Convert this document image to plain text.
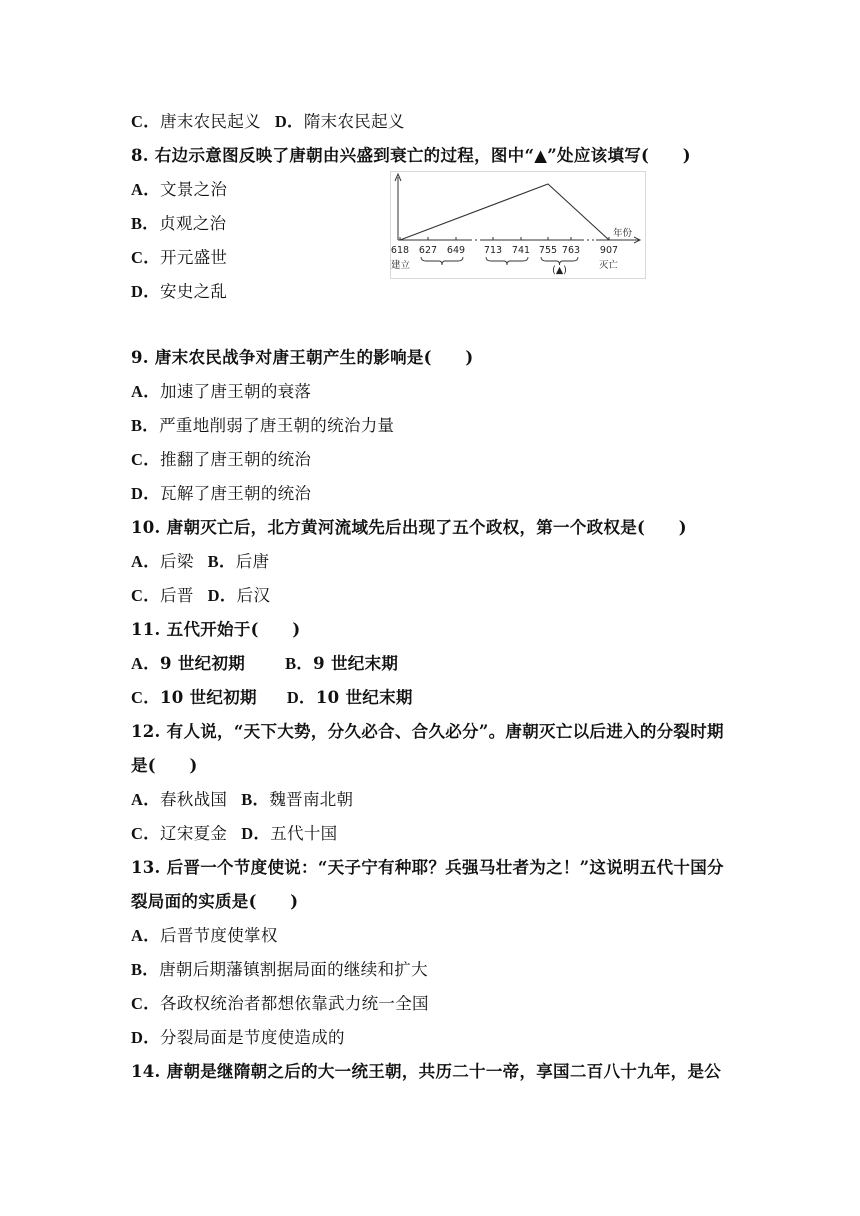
C．唐末农民起义 D．隋末农民起义
8. 右边示意图反映了唐朝由兴盛到衰亡的过程，图中“▲”处应该填写(　　)
A．文景之治
B．贞观之治
C．开元盛世
D．安史之乱
618 627 649 713 741 755 763 907
年份
建立	灭亡
(▲)
9. 唐末农民战争对唐王朝产生的影响是(　　)
A．加速了唐王朝的衰落
B．严重地削弱了唐王朝的统治力量
C．推翻了唐王朝的统治
D．瓦解了唐王朝的统治
10. 唐朝灭亡后，北方黄河流域先后出现了五个政权，第一个政权是(　　)
A．后梁 B．后唐
C．后晋 D．后汉
11. 五代开始于(　　)
A．9 世纪初期 B．9 世纪末期
C．10 世纪初期 D．10 世纪末期
12. 有人说，“天下大势，分久必合、合久必分”。唐朝灭亡以后进入的分裂时期
是(　　)
A．春秋战国 B．魏晋南北朝
C．辽宋夏金 D．五代十国
13. 后晋一个节度使说：“天子宁有种耶？兵强马壮者为之！”这说明五代十国分
裂局面的实质是(　　)
A．后晋节度使掌权
B．唐朝后期藩镇割据局面的继续和扩大
C．各政权统治者都想依靠武力统一全国
D．分裂局面是节度使造成的
14. 唐朝是继隋朝之后的大一统王朝，共历二十一帝，享国二百八十九年，是公
